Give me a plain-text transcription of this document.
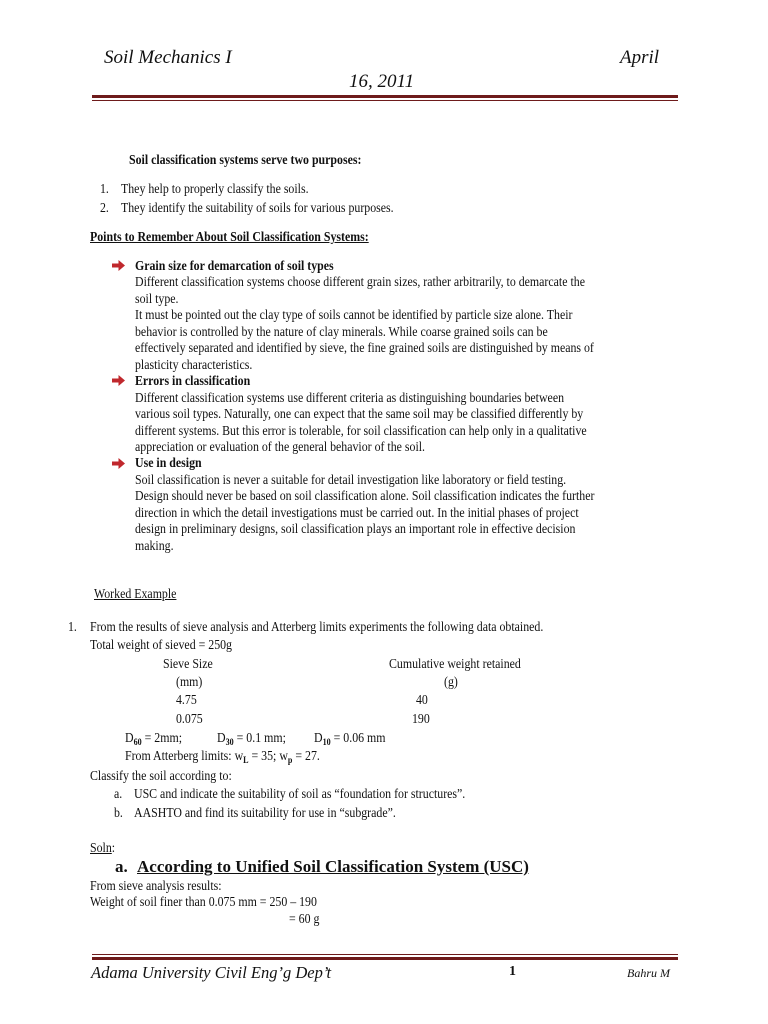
Soil Mechanics I	April
16, 2011
Soil classification systems serve two purposes:
1. They help to properly classify the soils.
2. They identify the suitability of soils for various purposes.
Points to Remember About Soil Classification Systems:
Grain size for demarcation of soil types
Different classification systems choose different grain sizes, rather arbitrarily, to demarcate the
soil type.
It must be pointed out the clay type of soils cannot be identified by particle size alone. Their
behavior is controlled by the nature of clay minerals. While coarse grained soils can be
effectively separated and identified by sieve, the fine grained soils are distinguished by means of
plasticity characteristics.
Errors in classification
Different classification systems use different criteria as distinguishing boundaries between
various soil types. Naturally, one can expect that the same soil may be classified differently by
different systems. But this error is tolerable, for soil classification can help only in a qualitative
appreciation or evaluation of the general behavior of the soil.
Use in design
Soil classification is never a suitable for detail investigation like laboratory or field testing.
Design should never be based on soil classification alone. Soil classification indicates the further
direction in which the detail investigations must be carried out. In the initial phases of project
design in preliminary designs, soil classification plays an important role in effective decision
making.
Worked Example
1. From the results of sieve analysis and Atterberg limits experiments the following data obtained.
Total weight of sieved = 250g
Sieve Size	Cumulative weight retained
(mm)	(g)
4.75	40
0.075	190
$D_{60} = 2mm$;	$D_{30} = 0.1$ mm; $D_{10} = 0.06$ mm
From Atterberg limits: $w_L = 35$; $w_p = 27$.
Classify the soil according to:
a. USC and indicate the suitability of soil as “foundation for structures”.
b. AASHTO and find its suitability for use in “subgrade”.
Soln:
a. According to Unified Soil Classification System (USC)
From sieve analysis results:
Weight of soil finer than 0.075 mm = 250 – 190
= 60 g
Adama University Civil Eng’g Dep’t	1	Bahru M
